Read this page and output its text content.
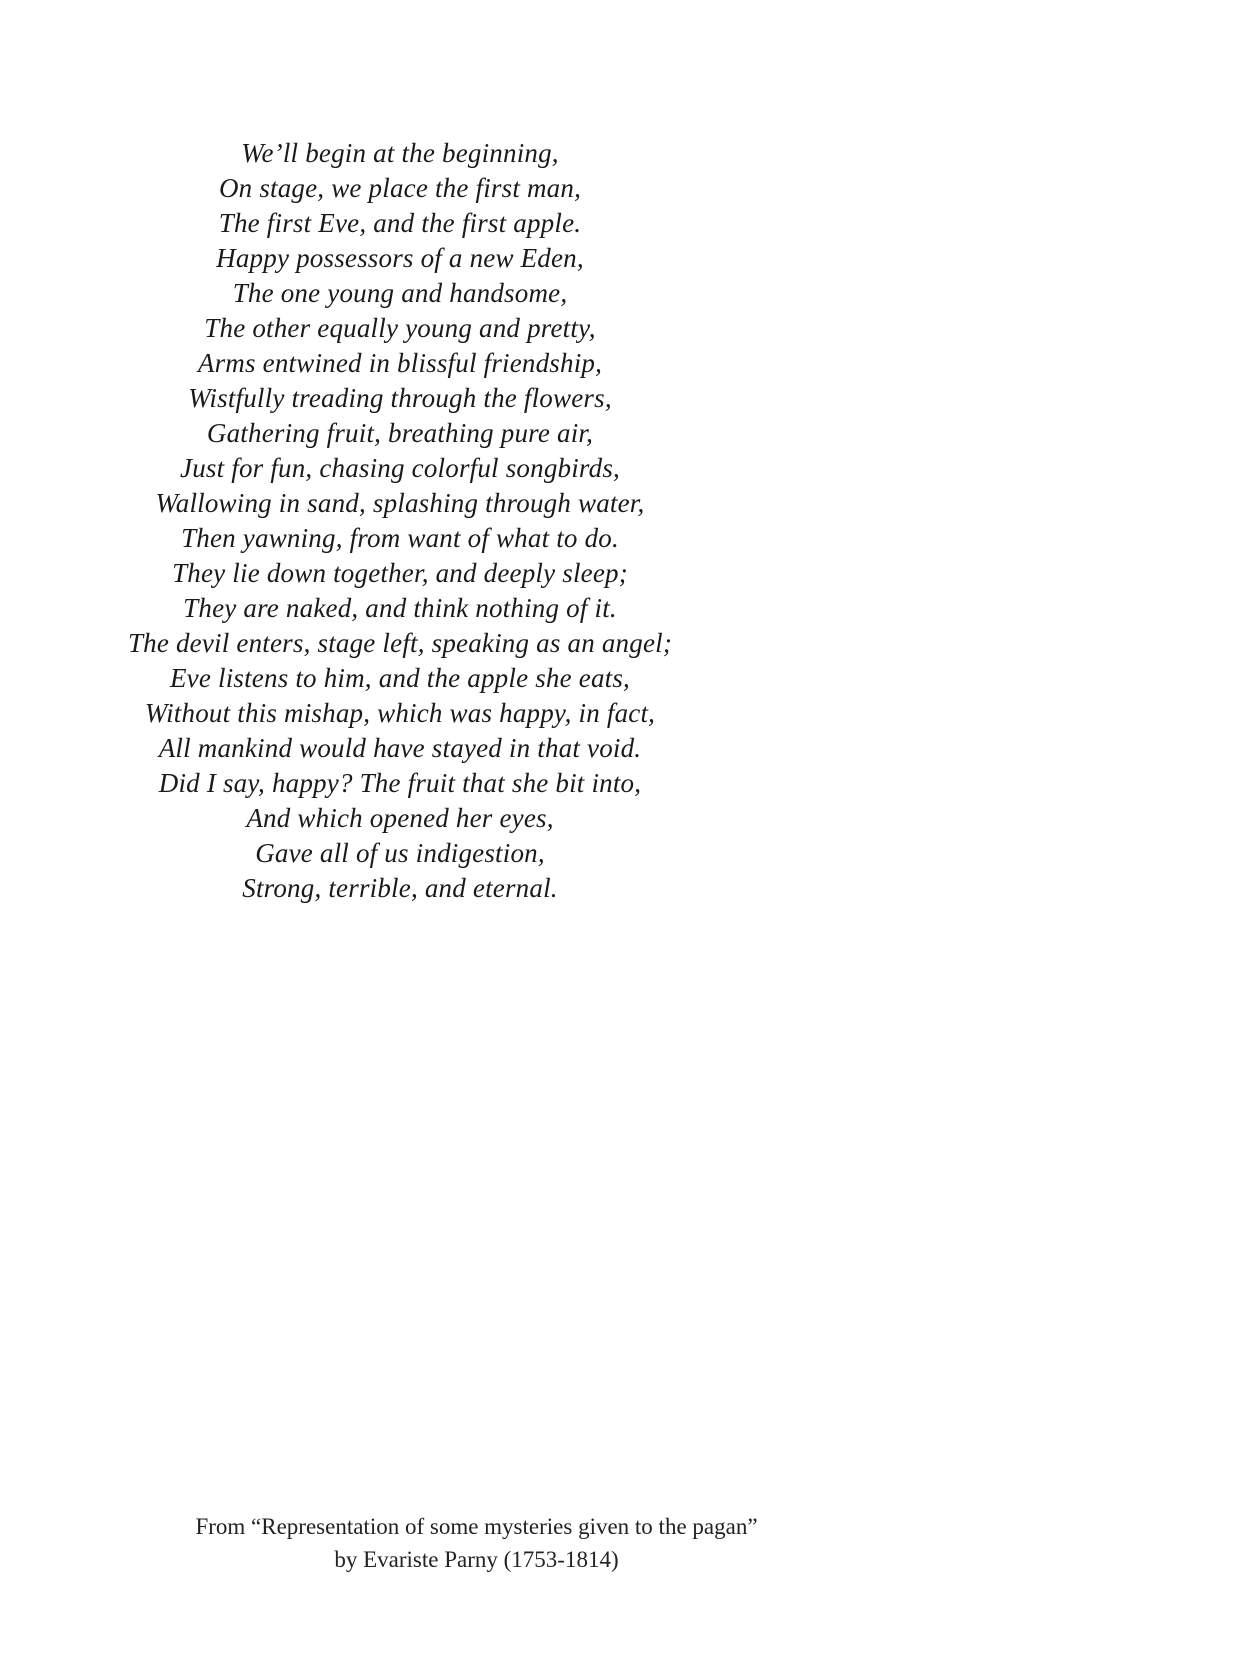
We’ll begin at the beginning,
On stage, we place the first man,
The first Eve, and the first apple.
Happy possessors of a new Eden,
The one young and handsome,
The other equally young and pretty,
Arms entwined in blissful friendship,
Wistfully treading through the flowers,
Gathering fruit, breathing pure air,
Just for fun, chasing colorful songbirds,
Wallowing in sand, splashing through water,
Then yawning, from want of what to do.
They lie down together, and deeply sleep;
They are naked, and think nothing of it.
The devil enters, stage left, speaking as an angel;
Eve listens to him, and the apple she eats,
Without this mishap, which was happy, in fact,
All mankind would have stayed in that void.
Did I say, happy? The fruit that she bit into,
And which opened her eyes,
Gave all of us indigestion,
Strong, terrible, and eternal.
From “Representation of some mysteries given to the pagan”
by Evariste Parny (1753-1814)
